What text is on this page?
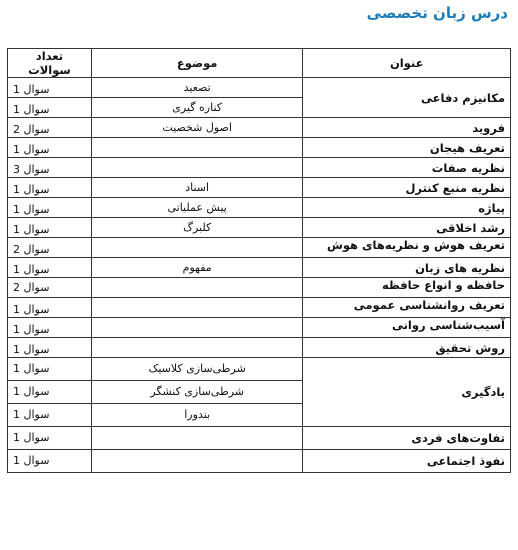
درس زبان تخصصی
عنوان	موضوع	تعداد سوالات
مکانیزم دفاعی	تصعید	1 سوال
	کناره گیری	1 سوال
فروید	اصول شخصیت	2 سوال
تعریف هیجان		1 سوال
نظریه صفات		3 سوال
نظریه منبع کنترل	اسناد	1 سوال
پیاژه	پیش عملیاتی	1 سوال
رشد اخلاقی	کلبرگ	1 سوال
تعریف هوش و نظریه‌های هوش		2 سوال
نظریه های زبان	مفهوم	1 سوال
حافظه و انواع حافظه		2 سوال
تعریف روانشناسی عمومی		1 سوال
آسیب‌شناسی روانی		1 سوال
روش تحقیق		1 سوال
یادگیری	شرطی‌سازی کلاسیک	1 سوال
	شرطی‌سازی کنشگر	1 سوال
	بندورا	1 سوال
تفاوت‌های فردی		1 سوال
نفوذ اجتماعی		1 سوال
